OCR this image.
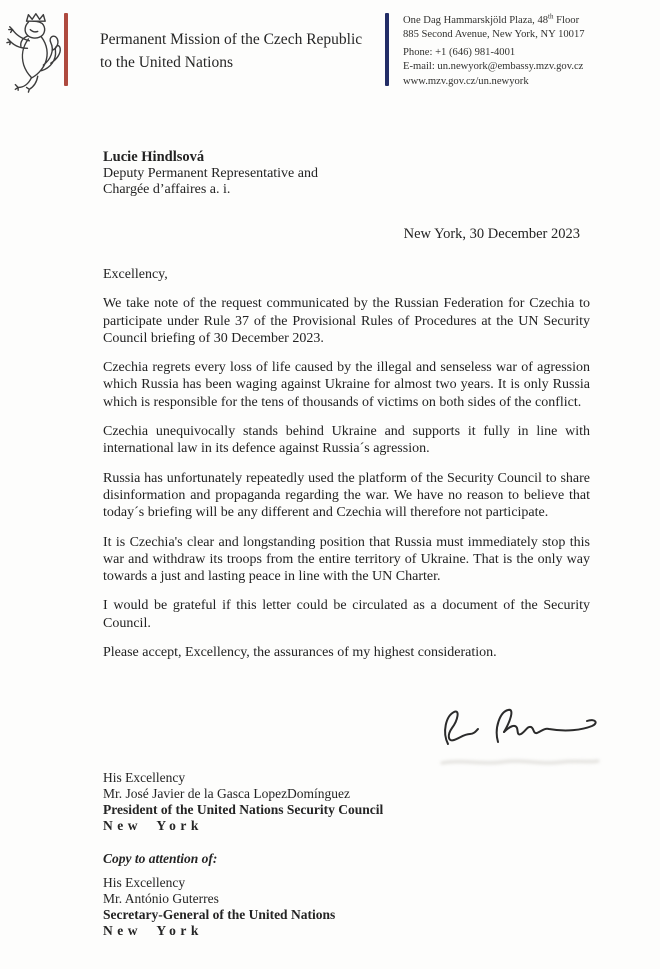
Permanent Mission of the Czech Republic
to the United Nations
One Dag Hammarskjöld Plaza, 48th Floor
885 Second Avenue, New York, NY 10017
Phone: +1 (646) 981-4001
E-mail: un.newyork@embassy.mzv.gov.cz
www.mzv.gov.cz/un.newyork
Lucie Hindlsová
Deputy Permanent Representative and
Chargée d’affaires a. i.
New York, 30 December 2023

Excellency,

We take note of the request communicated by the Russian Federation for Czechia to participate under Rule 37 of the Provisional Rules of Procedures at the UN Security Council briefing of 30 December 2023.

Czechia regrets every loss of life caused by the illegal and senseless war of agression which Russia has been waging against Ukraine for almost two years. It is only Russia which is responsible for the tens of thousands of victims on both sides of the conflict.

Czechia unequivocally stands behind Ukraine and supports it fully in line with international law in its defence against Russia´s agression.

Russia has unfortunately repeatedly used the platform of the Security Council to share disinformation and propaganda regarding the war. We have no reason to believe that today´s briefing will be any different and Czechia will therefore not participate.

It is Czechia's clear and longstanding position that Russia must immediately stop this war and withdraw its troops from the entire territory of Ukraine. That is the only way towards a just and lasting peace in line with the UN Charter.

I would be grateful if this letter could be circulated as a document of the Security Council.

Please accept, Excellency, the assurances of my highest consideration.

His Excellency
Mr. José Javier de la Gasca LopezDomínguez
President of the United Nations Security Council
New York
Copy to attention of:
His Excellency
Mr. António Guterres
Secretary-General of the United Nations
New York
